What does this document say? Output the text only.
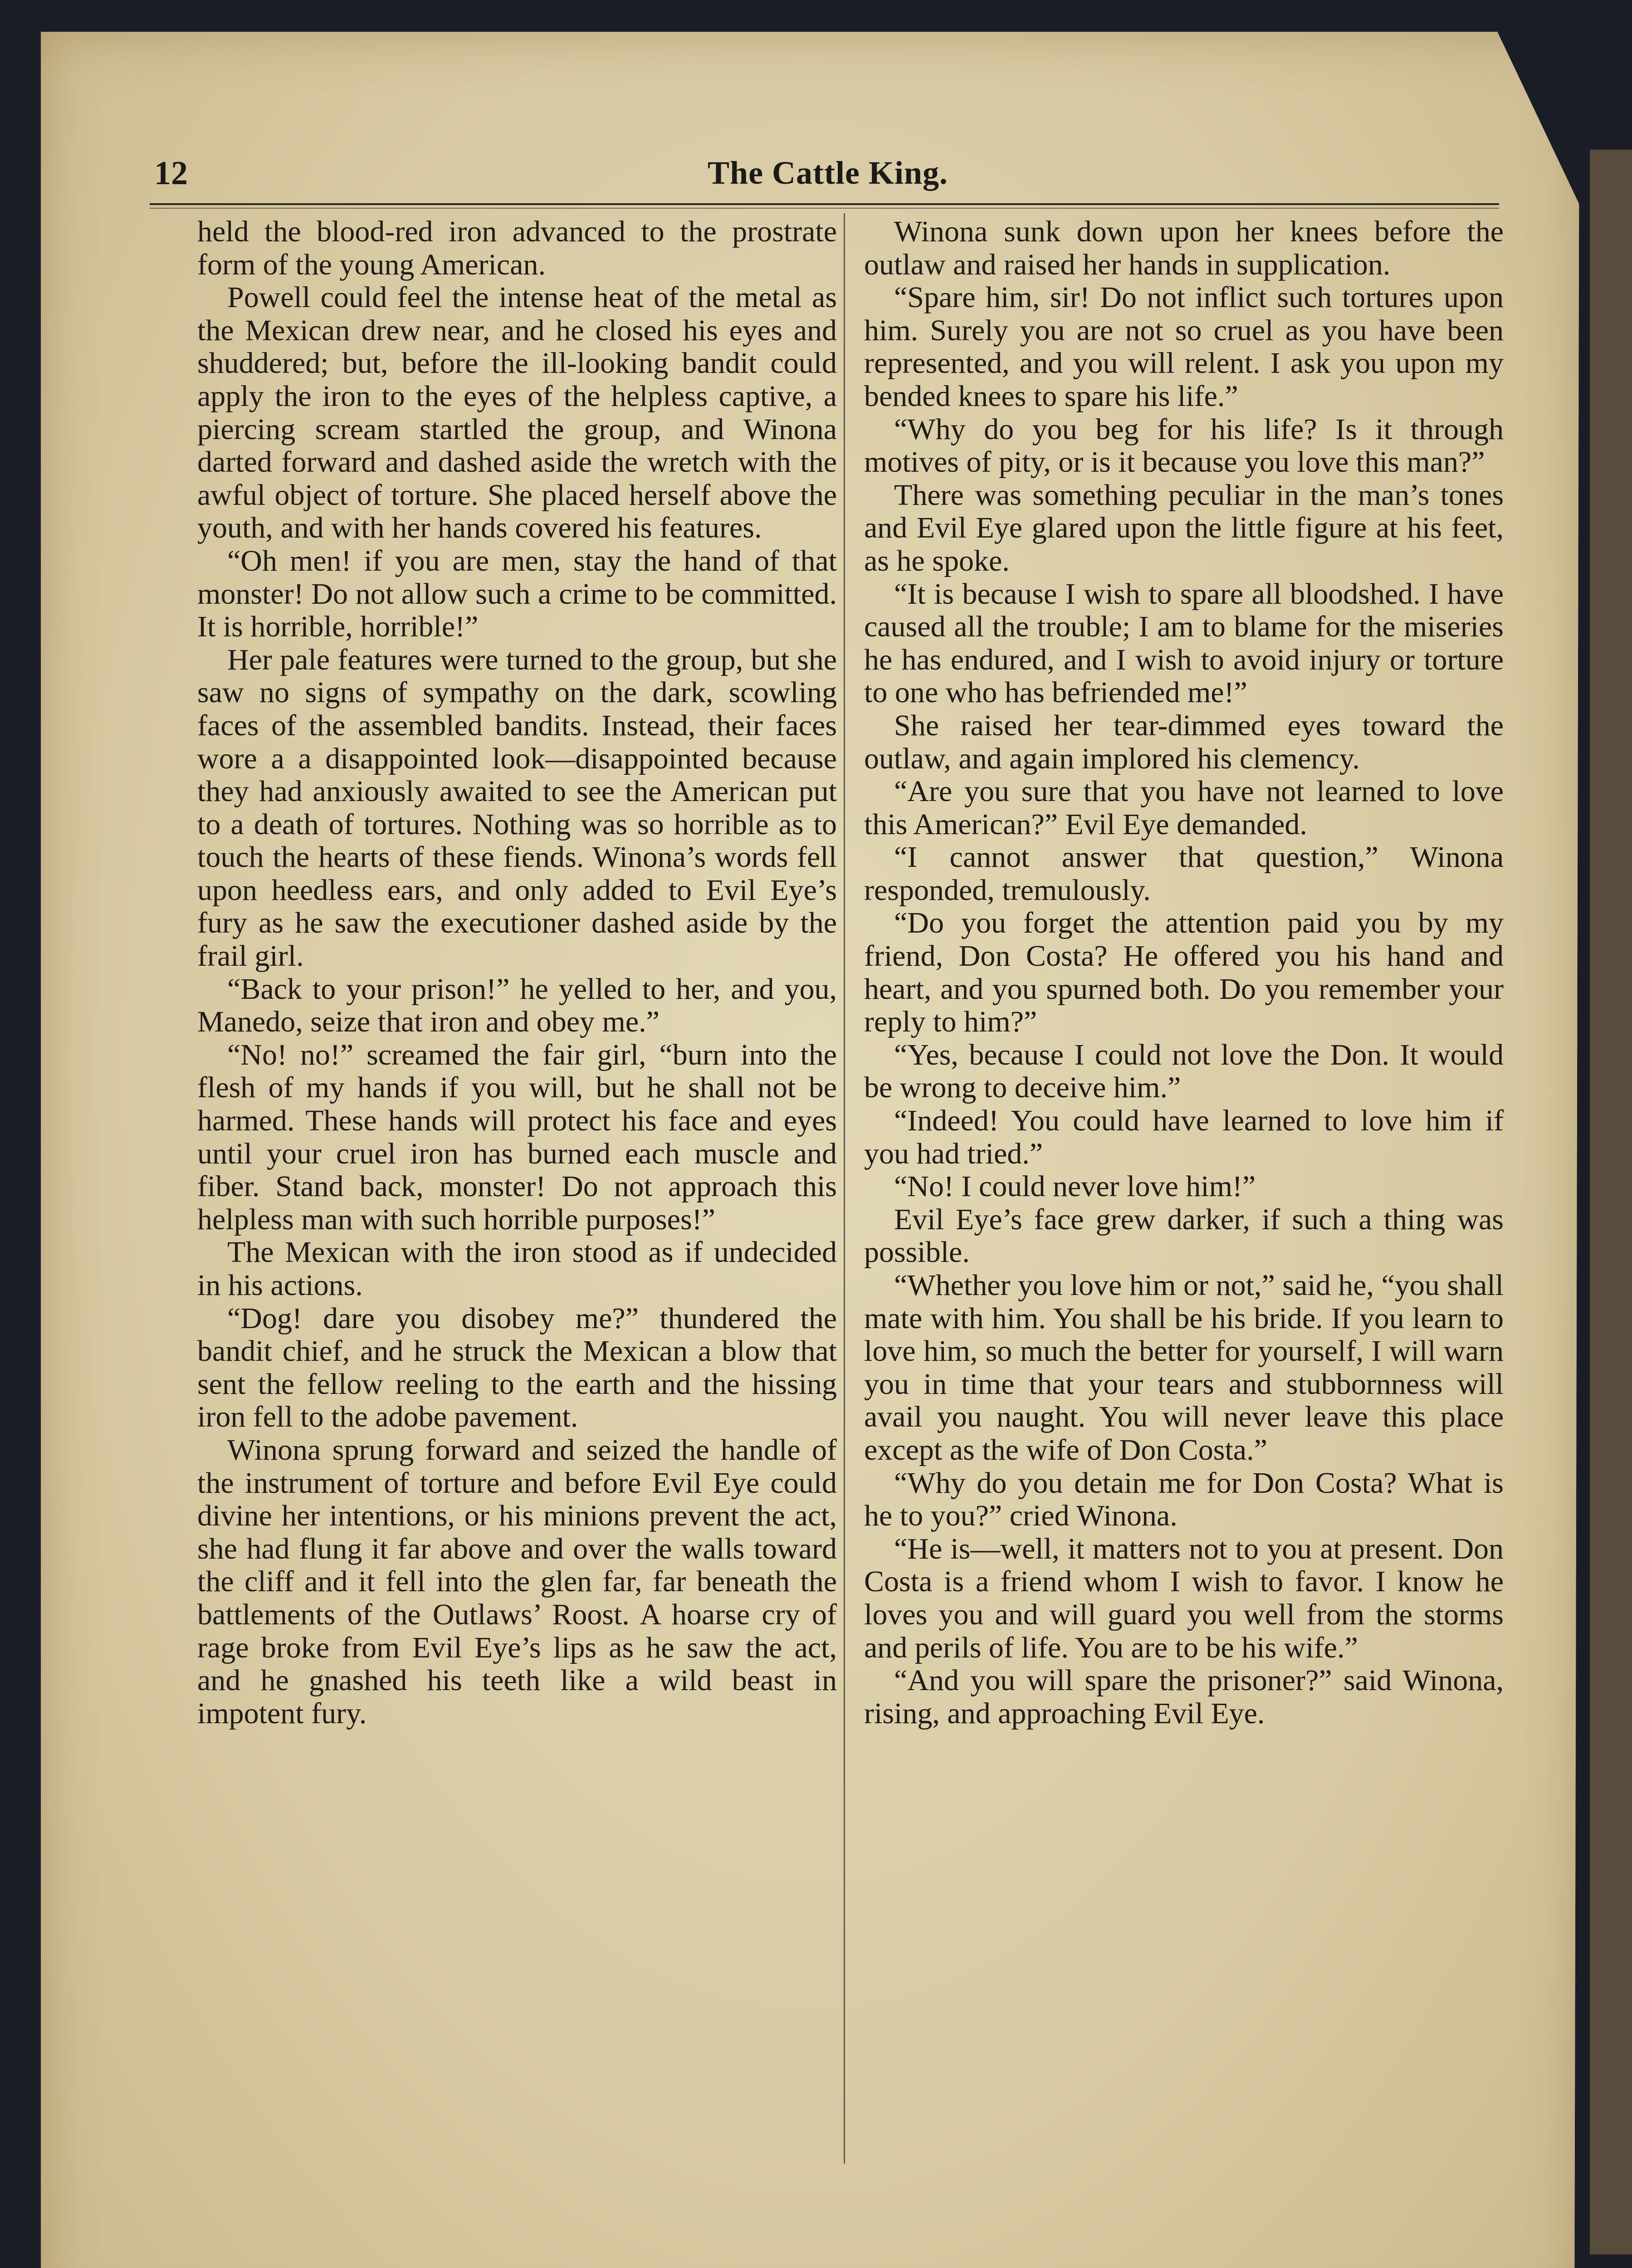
12	The Cattle King.

held the blood-red iron advanced to the prostrate form of the young American.

Powell could feel the intense heat of the metal as the Mexican drew near, and he closed his eyes and shuddered; but, before the ill-looking bandit could apply the iron to the eyes of the helpless captive, a piercing scream startled the group, and Winona darted forward and dashed aside the wretch with the awful object of torture. She placed herself above the youth, and with her hands covered his features.

“Oh men! if you are men, stay the hand of that monster! Do not allow such a crime to be committed. It is horrible, horrible!”

Her pale features were turned to the group, but she saw no signs of sympathy on the dark, scowling faces of the assembled bandits. Instead, their faces wore a a disappointed look—disappointed because they had anxiously awaited to see the American put to a death of tortures. Nothing was so horrible as to touch the hearts of these fiends. Winona’s words fell upon heedless ears, and only added to Evil Eye’s fury as he saw the executioner dashed aside by the frail girl.

“Back to your prison!” he yelled to her, and you, Manedo, seize that iron and obey me.”

“No! no!” screamed the fair girl, “burn into the flesh of my hands if you will, but he shall not be harmed. These hands will protect his face and eyes until your cruel iron has burned each muscle and fiber. Stand back, monster! Do not approach this helpless man with such horrible purposes!”

The Mexican with the iron stood as if undecided in his actions.

“Dog! dare you disobey me?” thundered the bandit chief, and he struck the Mexican a blow that sent the fellow reeling to the earth and the hissing iron fell to the adobe pavement.

Winona sprung forward and seized the handle of the instrument of torture and before Evil Eye could divine her intentions, or his minions prevent the act, she had flung it far above and over the walls toward the cliff and it fell into the glen far, far beneath the battlements of the Outlaws’ Roost. A hoarse cry of rage broke from Evil Eye’s lips as he saw the act, and he gnashed his teeth like a wild beast in impotent fury.

Winona sunk down upon her knees before the outlaw and raised her hands in supplication.

“Spare him, sir! Do not inflict such tortures upon him. Surely you are not so cruel as you have been represented, and you will relent. I ask you upon my bended knees to spare his life.”

“Why do you beg for his life? Is it through motives of pity, or is it because you love this man?”

There was something peculiar in the man’s tones and Evil Eye glared upon the little figure at his feet, as he spoke.

“It is because I wish to spare all bloodshed. I have caused all the trouble; I am to blame for the miseries he has endured, and I wish to avoid injury or torture to one who has befriended me!”

She raised her tear-dimmed eyes toward the outlaw, and again implored his clemency.

“Are you sure that you have not learned to love this American?” Evil Eye demanded.

“I cannot answer that question,” Winona responded, tremulously.

“Do you forget the attention paid you by my friend, Don Costa? He offered you his hand and heart, and you spurned both. Do you remember your reply to him?”

“Yes, because I could not love the Don. It would be wrong to deceive him.”

“Indeed! You could have learned to love him if you had tried.”

“No! I could never love him!”

Evil Eye’s face grew darker, if such a thing was possible.

“Whether you love him or not,” said he, “you shall mate with him. You shall be his bride. If you learn to love him, so much the better for yourself, I will warn you in time that your tears and stubbornness will avail you naught. You will never leave this place except as the wife of Don Costa.”

“Why do you detain me for Don Costa? What is he to you?” cried Winona.

“He is—well, it matters not to you at present. Don Costa is a friend whom I wish to favor. I know he loves you and will guard you well from the storms and perils of life. You are to be his wife.”

“And you will spare the prisoner?” said Winona, rising, and approaching Evil Eye.
